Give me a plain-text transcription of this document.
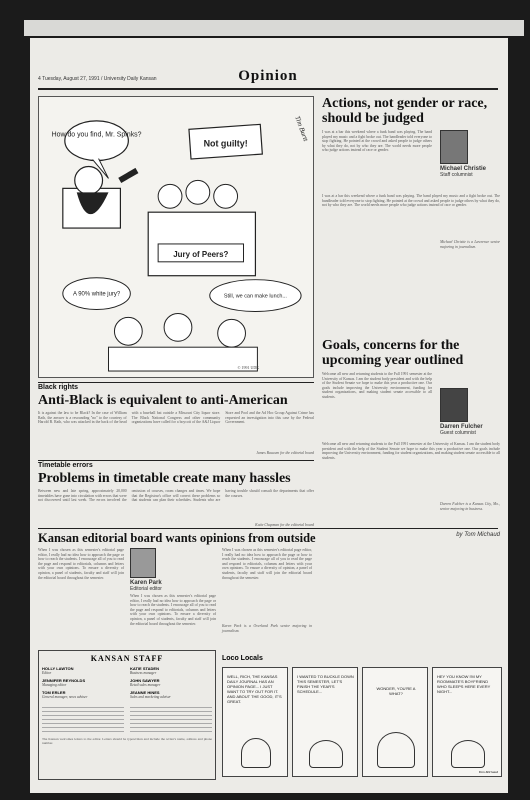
4 Tuesday, August 27, 1991 / University Daily Kansan	Opinion
How do you find, Mr. Spinks?
Not guilty!
Jury of Peers?
Tim Burtt
A 90% white jury?	Still, we can make lunch...
© 1991 UDK
Actions, not gender or race, should be judged
I was at a bar this weekend where a funk band was playing. The band played my music and a fight broke out. The bandleader told everyone to stop fighting. He pointed at the crowd and asked people to judge others by what they do, not by who they are. The world needs more people who judge actions instead of race or gender.
Michael Christie
Staff columnist
I was at a bar this weekend where a funk band was playing. The band played my music and a fight broke out. The bandleader told everyone to stop fighting. He pointed at the crowd and asked people to judge others by what they do, not by who they are. The world needs more people who judge actions instead of race or gender.
Michael Christie is a Lawrence senior majoring in journalism.
Goals, concerns for the upcoming year outlined
Welcome all new and returning students to the Fall 1991 semester at the University of Kansas. I am the student body president and with the help of the Student Senate we hope to make this year a productive one. Our goals include improving the University environment, funding for student organizations, and making student senate accessible to all students.
Darren Fulcher
Guest columnist
Welcome all new and returning students to the Fall 1991 semester at the University of Kansas. I am the student body president and with the help of the Student Senate we hope to make this year a productive one. Our goals include improving the University environment, funding for student organizations, and making student senate accessible to all students.
Darren Fulcher is a Kansas City, Mo., senior majoring in business.
by Tom Michaud
Black rights
Anti-Black is equivalent to anti-American
It is against the law to be Black? In the case of William Rath, the answer is a resounding "no" to the courtesy of Harold B. Rath, who was attacked in the back of the head with a baseball bat outside a Missouri City liquor store. The Black National Congress and other community organizations have called for a boycott of the A&J Liquor Store and Pool and the Ad Hoc Group Against Crime has requested an investigation into this case by the Federal Government.
James Baucum for the editorial board
Timetable errors
Problems in timetable create many hassles
Between new and late spring, approximately 20,000 timetables have gone into circulation with errors that were not discovered until last week. The errors involved the omission of courses, room changes and times. We hope that the Registrar's office will correct these problems so that students can plan their schedules. Students who are having trouble should consult the departments that offer the courses.
Katie Chapman for the editorial board
Kansan editorial board wants opinions from outside
When I was chosen as this semester's editorial page editor, I really had no idea how to approach the page or how to reach the students. I encourage all of you to read the page and respond to editorials, columns and letters with your own opinions. To ensure a diversity of opinion, a panel of students, faculty and staff will join the editorial board throughout the semester.
Karen Park
Editorial editor
When I was chosen as this semester's editorial page editor, I really had no idea how to approach the page or how to reach the students. I encourage all of you to read the page and respond to editorials, columns and letters with your own opinions. To ensure a diversity of opinion, a panel of students, faculty and staff will join the editorial board throughout the semester.
When I was chosen as this semester's editorial page editor, I really had no idea how to approach the page or how to reach the students. I encourage all of you to read the page and respond to editorials, columns and letters with your own opinions. To ensure a diversity of opinion, a panel of students, faculty and staff will join the editorial board throughout the semester.
Karen Park is a Overland Park senior majoring in journalism.
KANSAN STAFF
HOLLY LAWTON
Editor
KATIE STADEN
Business manager
JENNIFER REYNOLDS
Managing editor
JOHN SAWYER
Retail sales manager
TOM ERLER
General manager, news adviser
JEANNE HINES
Sales and marketing adviser
The Kansan welcomes letters to the editor. Letters should be typewritten and include the writer's name, address and phone number.
Loco Locals
WELL, RICH, THE KANSAS DAILY JOURNAL HAS AN OPINION PAGE... I JUST WANT TO TRY OUT FOR IT. AND ABOUT THE GOOD, IT'S GREAT.
I WANTED TO BUCKLE DOWN THIS SEMESTER, LET'S FINISH THE YEAR'S SCHEDULE...
WONDER, YOU'RE A WHAT?
HEY YOU KNOW I'M MY ROOMMATE'S BOYFRIEND WHO SLEEPS HERE EVERY NIGHT...
Tom Michaud
